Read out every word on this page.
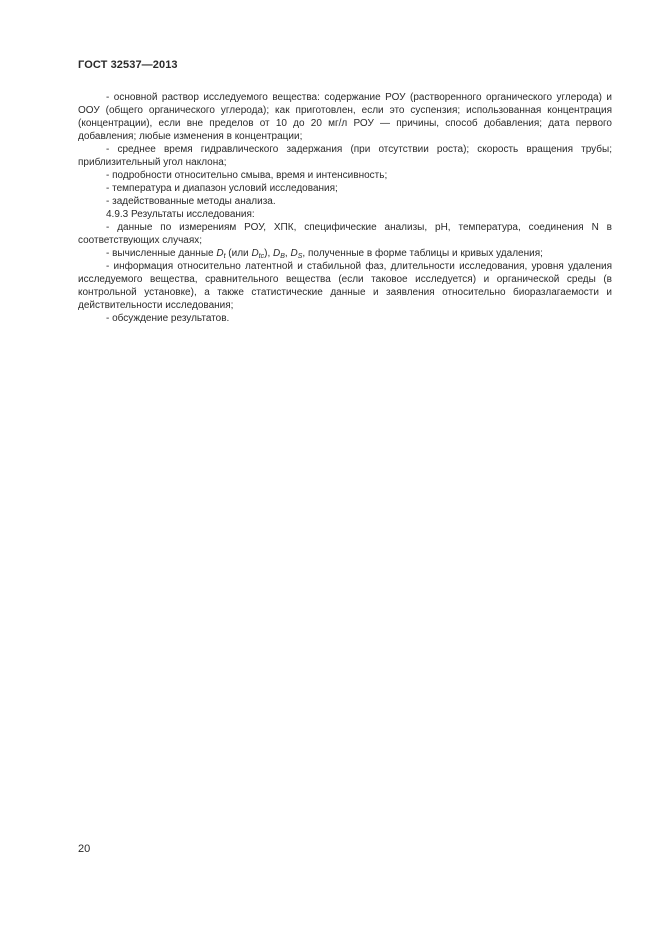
ГОСТ 32537—2013

- основной раствор исследуемого вещества: содержание РОУ (растворенного органического углерода) и ООУ (общего органического углерода); как приготовлен, если это суспензия; использованная концентрация (концентрации), если вне пределов от 10 до 20 мг/л РОУ — причины, способ добавления; дата первого добавления; любые изменения в концентрации;

- среднее время гидравлического задержания (при отсутствии роста); скорость вращения трубы; приблизительный угол наклона;

- подробности относительно смыва, время и интенсивность;

- температура и диапазон условий исследования;

- задействованные методы анализа.

4.9.3 Результаты исследования:

- данные по измерениям РОУ, ХПК, специфические анализы, pH, температура, соединения N в соответствующих случаях;

- вычисленные данные $D_t$ (или $D_{tc}$), $D_B$, $D_S$, полученные в форме таблицы и кривых удаления;

- информация относительно латентной и стабильной фаз, длительности исследования, уровня удаления исследуемого вещества, сравнительного вещества (если таковое исследуется) и органической среды (в контрольной установке), а также статистические данные и заявления относительно биоразлагаемости и действительности исследования;

- обсуждение результатов.

20
